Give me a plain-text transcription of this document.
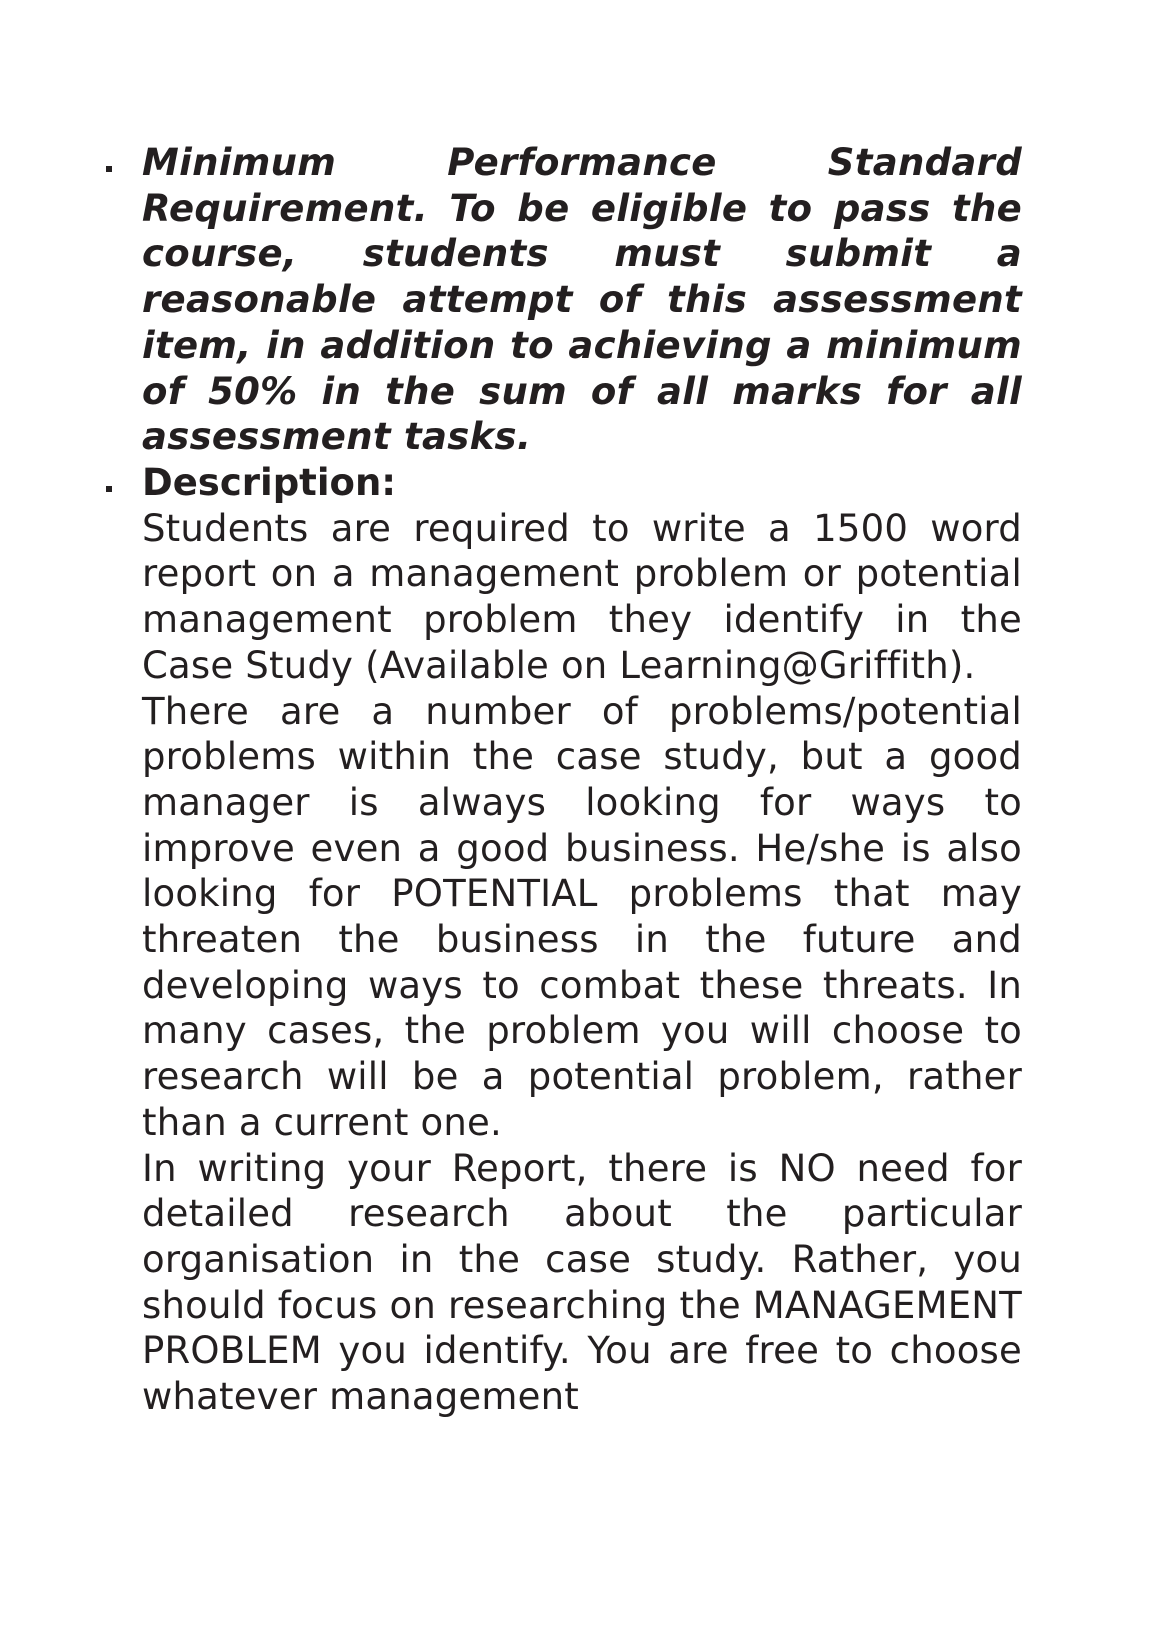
Minimum Performance Standard Requirement. To be eligible to pass the course, students must submit a reasonable attempt of this assessment item, in addition to achieving a minimum of 50% in the sum of all marks for all assessment tasks.

Description:

Students are required to write a 1500 word report on a management problem or potential management problem they identify in the Case Study (Available on Learning@Griffith).

There are a number of problems/potential problems within the case study, but a good manager is always looking for ways to improve even a good business. He/she is also looking for POTENTIAL problems that may threaten the business in the future and developing ways to combat these threats. In many cases, the problem you will choose to research will be a potential problem, rather than a current one.

In writing your Report, there is NO need for detailed research about the particular organisation in the case study. Rather, you should focus on researching the MANAGEMENT PROBLEM you identify. You are free to choose whatever management
